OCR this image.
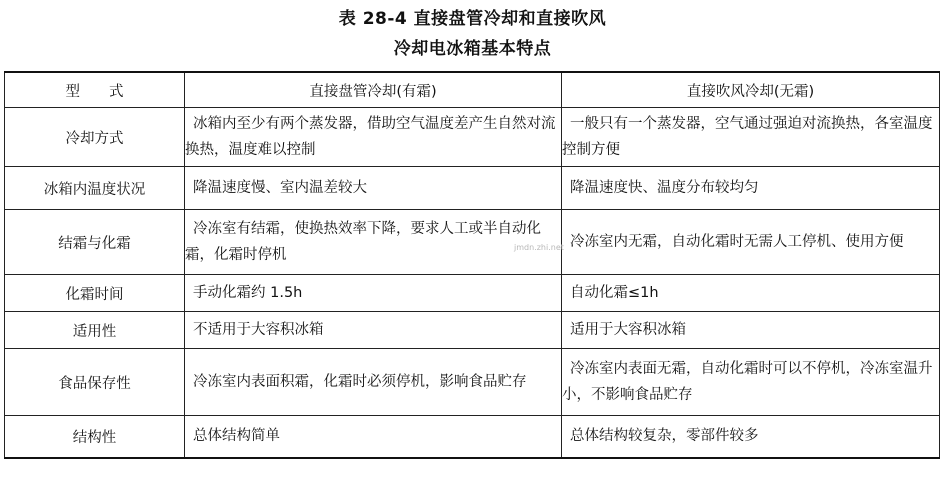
表 28-4 直接盘管冷却和直接吹风
冷却电冰箱基本特点
型　　式	直接盘管冷却(有霜)	直接吹风冷却(无霜)
冷却方式	冰箱内至少有两个蒸发器，借助空气温度差产生自然对流换热，温度难以控制	一般只有一个蒸发器，空气通过强迫对流换热，各室温度控制方便
冰箱内温度状况	降温速度慢、室内温差较大	降温速度快、温度分布较均匀
结霜与化霜	冷冻室有结霜，使换热效率下降，要求人工或半自动化霜，化霜时停机	冷冻室内无霜，自动化霜时无需人工停机、使用方便
化霜时间	手动化霜约 1.5h	自动化霜≤1h
适用性	不适用于大容积冰箱	适用于大容积冰箱
食品保存性	冷冻室内表面积霜，化霜时必须停机，影响食品贮存	冷冻室内表面无霜，自动化霜时可以不停机，冷冻室温升小，不影响食品贮存
结构性	总体结构简单	总体结构较复杂，零部件较多
jmdn.zhi.net
